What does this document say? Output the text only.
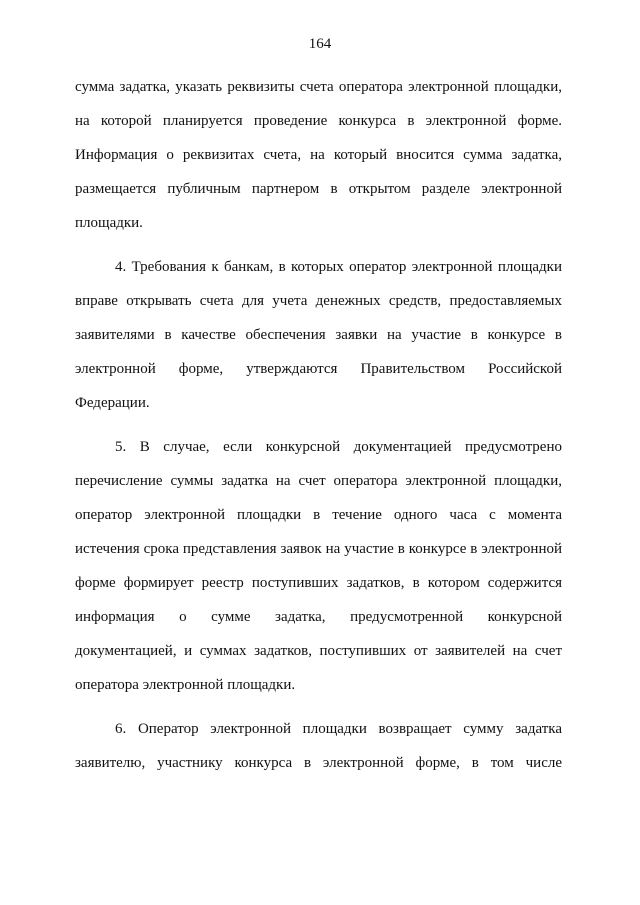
164

сумма задатка, указать реквизиты счета оператора электронной площадки, на которой планируется проведение конкурса в электронной форме. Информация о реквизитах счета, на который вносится сумма задатка, размещается публичным партнером в открытом разделе электронной площадки.

4. Требования к банкам, в которых оператор электронной площадки вправе открывать счета для учета денежных средств, предоставляемых заявителями в качестве обеспечения заявки на участие в конкурсе в электронной форме, утверждаются Правительством Российской Федерации.

5. В случае, если конкурсной документацией предусмотрено перечисление суммы задатка на счет оператора электронной площадки, оператор электронной площадки в течение одного часа с момента истечения срока представления заявок на участие в конкурсе в электронной форме формирует реестр поступивших задатков, в котором содержится информация о сумме задатка, предусмотренной конкурсной документацией, и суммах задатков, поступивших от заявителей на счет оператора электронной площадки.

6. Оператор электронной площадки возвращает сумму задатка заявителю, участнику конкурса в электронной форме, в том числе
